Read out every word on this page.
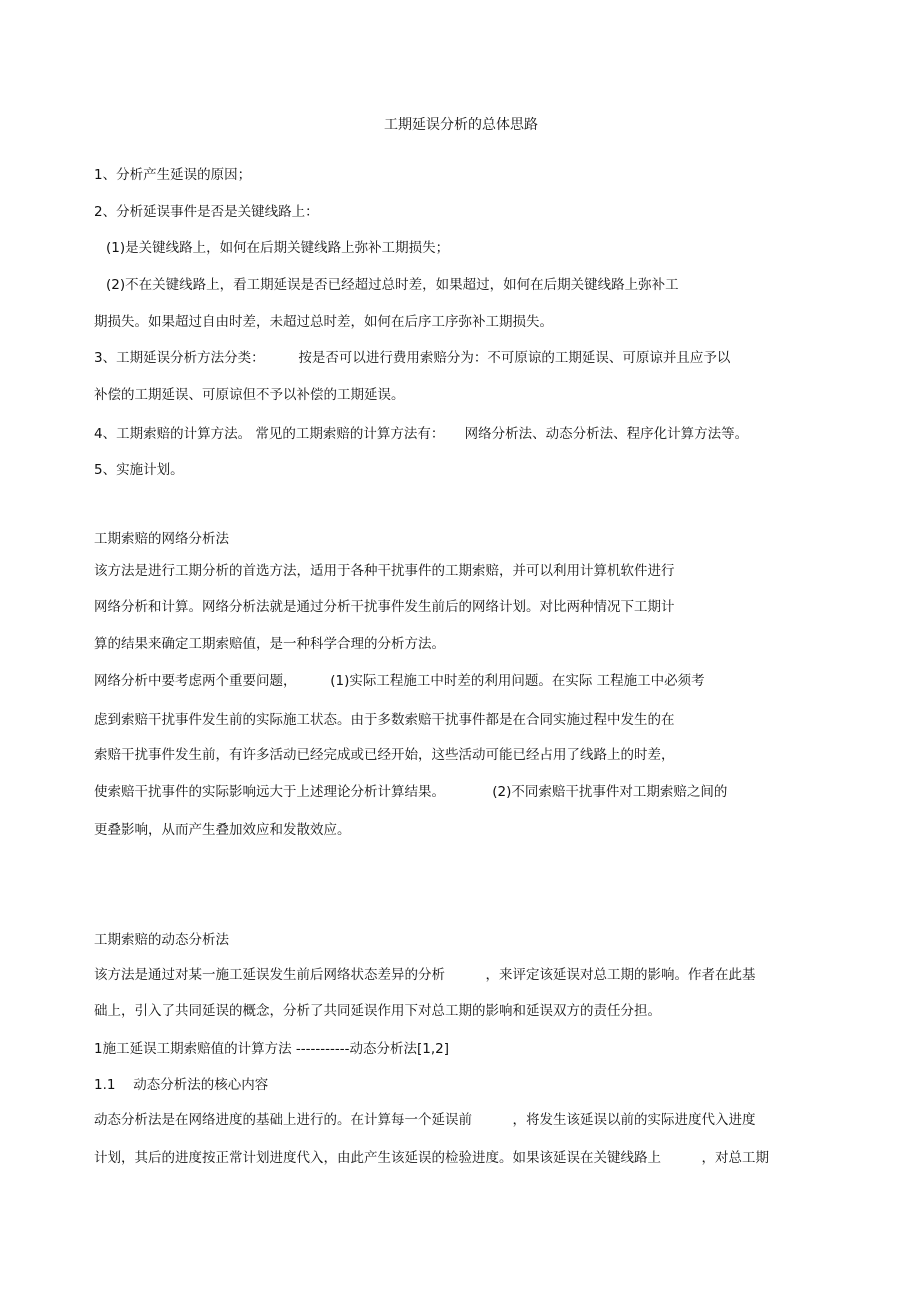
工期延误分析的总体思路
1、分析产生延误的原因；
2、分析延误事件是否是关键线路上：
(1)是关键线路上，如何在后期关键线路上弥补工期损失；
(2)不在关键线路上，看工期延误是否已经超过总时差，如果超过，如何在后期关键线路上弥补工
期损失。如果超过自由时差，未超过总时差，如何在后序工序弥补工期损失。
3、工期延误分析方法分类：　　　按是否可以进行费用索赔分为：不可原谅的工期延误、可原谅并且应予以
补偿的工期延误、可原谅但不予以补偿的工期延误。
4、工期索赔的计算方法。 常见的工期索赔的计算方法有：　　网络分析法、动态分析法、程序化计算方法等。
5、实施计划。
工期索赔的网络分析法
该方法是进行工期分析的首选方法，适用于各种干扰事件的工期索赔，并可以利用计算机软件进行
网络分析和计算。网络分析法就是通过分析干扰事件发生前后的网络计划。对比两种情况下工期计
算的结果来确定工期索赔值，是一种科学合理的分析方法。
网络分析中要考虑两个重要问题，　　　(1)实际工程施工中时差的利用问题。在实际 工程施工中必须考
虑到索赔干扰事件发生前的实际施工状态。由于多数索赔干扰事件都是在合同实施过程中发生的在
索赔干扰事件发生前，有许多活动已经完成或已经开始，这些活动可能已经占用了线路上的时差，
使索赔干扰事件的实际影响远大于上述理论分析计算结果。　　　　(2)不同索赔干扰事件对工期索赔之间的
更叠影响，从而产生叠加效应和发散效应。
工期索赔的动态分析法
该方法是通过对某一施工延误发生前后网络状态差异的分析　　　，来评定该延误对总工期的影响。作者在此基
础上，引入了共同延误的概念，分析了共同延误作用下对总工期的影响和延误双方的责任分担。
1施工延误工期索赔值的计算方法 -----------动态分析法[1,2]
1.1　 动态分析法的核心内容
动态分析法是在网络进度的基础上进行的。在计算每一个延误前　　　，将发生该延误以前的实际进度代入进度
计划，其后的进度按正常计划进度代入，由此产生该延误的检验进度。如果该延误在关键线路上　　　，对总工期
